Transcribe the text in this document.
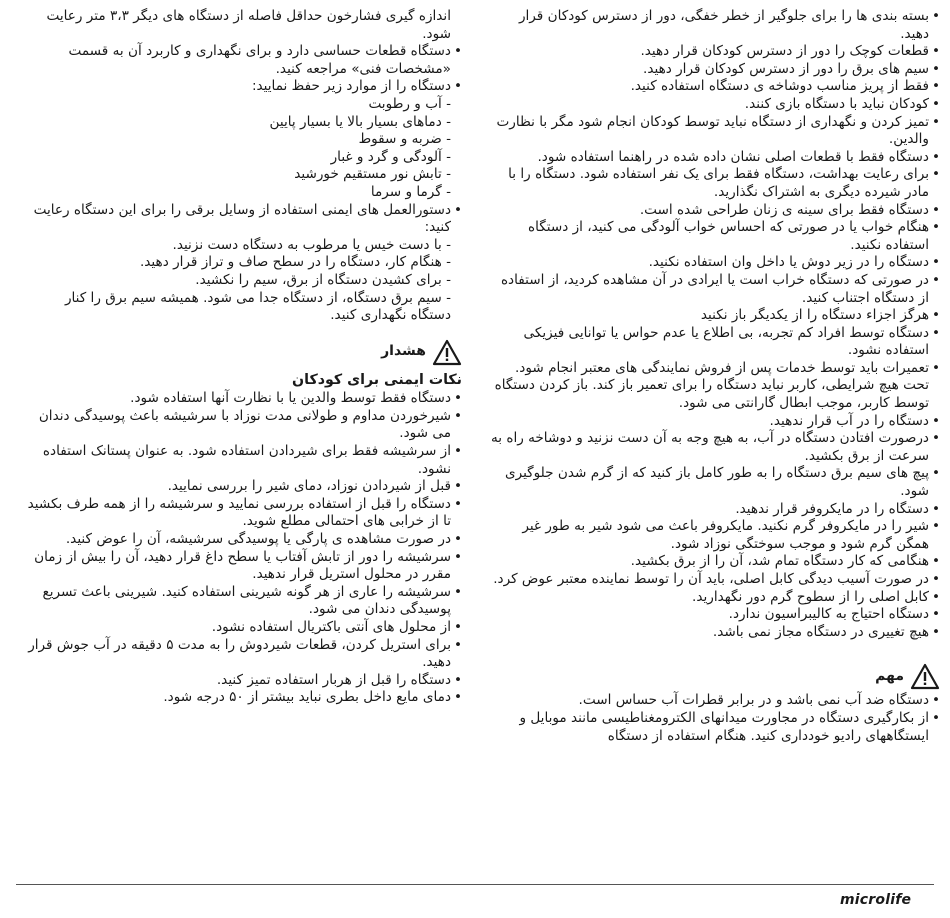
• بسته بندی ها را برای جلوگیر از خطر خفگی، دور از دسترس کودکان قرار دهید.
• قطعات کوچک را دور از دسترس کودکان قرار دهید.
• سیم های برق را دور از دسترس کودکان قرار دهید.
• فقط از پریز مناسب دوشاخه ی دستگاه استفاده کنید.
• کودکان نباید با دستگاه بازی کنند.
• تمیز کردن و نگهداری از دستگاه نباید توسط کودکان انجام شود مگر با نظارت والدین.
• دستگاه فقط با قطعات اصلی نشان داده شده در راهنما استفاده شود.
• برای رعایت بهداشت، دستگاه فقط برای یک نفر استفاده شود. دستگاه را با مادر شیرده دیگری به اشتراک نگذارید.
• دستگاه فقط برای سینه ی زنان طراحی شده است.
• هنگام خواب یا در صورتی که احساس خواب آلودگی می کنید، از دستگاه استفاده نکنید.
• دستگاه را در زیر دوش یا داخل وان استفاده نکنید.
• در صورتی که دستگاه خراب است یا ایرادی در آن مشاهده کردید، از استفاده از دستگاه اجتناب کنید.
• هرگز اجزاء دستگاه را از یکدیگر باز نکنید
• دستگاه توسط افراد کم تجربه، بی اطلاع یا عدم حواس یا توانایی فیزیکی استفاده نشود.
• تعمیرات باید توسط خدمات پس از فروش نمایندگی های معتبر انجام شود. تحت هیچ شرایطی، کاربر نباید دستگاه را برای تعمیر باز کند. باز کردن دستگاه توسط کاربر، موجب ابطال گارانتی می شود.
• دستگاه را در آب قرار ندهید.
• درصورت افتادن دستگاه در آب، به هیچ وجه به آن دست نزنید و دوشاخه راه به سرعت از برق بکشید.
• پیچ های سیم برق دستگاه را به طور کامل باز کنید که از گرم شدن جلوگیری شود.
• دستگاه را در مایکروفر قرار ندهید.
• شیر را در مایکروفر گرم نکنید. مایکروفر باعث می شود شیر به طور غیر همگن گرم شود و موجب سوختگی نوزاد شود.
• هنگامی که کار دستگاه تمام شد، آن را از برق بکشید.
• در صورت آسیب دیدگی کابل اصلی، باید آن را توسط نماینده معتبر عوض کرد.
• کابل اصلی را از سطوح گرم دور نگهدارید.
• دستگاه احتیاج به کالیبراسیون ندارد.
• هیچ تغییری در دستگاه مجاز نمی باشد.
مهم
• دستگاه ضد آب نمی باشد و در برابر قطرات آب حساس است.
• از بکارگیری دستگاه در مجاورت میدانهای الکترومغناطیسی مانند موبایل و ایستگاههای رادیو خودداری کنید. هنگام استفاده از دستگاه

اندازه گیری فشارخون حداقل فاصله از دستگاه های دیگر ۳،۳ متر رعایت شود.

• دستگاه قطعات حساسی دارد و برای نگهداری و کاربرد آن به قسمت «مشخصات فنی» مراجعه کنید.
• دستگاه را از موارد زیر حفظ نمایید:

- آب و رطوبت

- دماهای بسیار بالا یا بسیار پایین

- ضربه و سقوط

- آلودگی و گرد و غبار

- تابش نور مستقیم خورشید

- گرما و سرما

• دستورالعمل های ایمنی استفاده از وسایل برقی را برای این دستگاه رعایت کنید:

- با دست خیس یا مرطوب به دستگاه دست نزنید.

- هنگام کار، دستگاه را در سطح صاف و تراز قرار دهید.

- برای کشیدن دستگاه از برق، سیم را نکشید.

- سیم برق دستگاه، از دستگاه جدا می شود. همیشه سیم برق را کنار دستگاه نگهداری کنید.

هشدار

نکات ایمنی برای کودکان

• دستگاه فقط توسط والدین یا با نظارت آنها استفاده شود.
• شیرخوردن مداوم و طولانی مدت نوزاد با سرشیشه باعث پوسیدگی دندان می شود.
• از سرشیشه فقط برای شیردادن استفاده شود. به عنوان پستانک استفاده نشود.
• قبل از شیردادن نوزاد، دمای شیر را بررسی نمایید.
• دستگاه را قبل از استفاده بررسی نمایید و سرشیشه را از همه طرف بکشید تا از خرابی های احتمالی مطلع شوید.
• در صورت مشاهده ی پارگی یا پوسیدگی سرشیشه، آن را عوض کنید.
• سرشیشه را دور از تابش آفتاب یا سطح داغ قرار دهید، آن را بیش از زمان مقرر در محلول استریل قرار ندهید.
• سرشیشه را عاری از هر گونه شیرینی استفاده کنید. شیرینی باعث تسریع پوسیدگی دندان می شود.
• از محلول های آنتی باکتریال استفاده نشود.
• برای استریل کردن، قطعات شیردوش را به مدت ۵ دقیقه در آب جوش قرار دهید.
• دستگاه را قبل از هربار استفاده تمیز کنید.
• دمای مایع داخل بطری نباید بیشتر از ۵۰ درجه شود.
microlife
